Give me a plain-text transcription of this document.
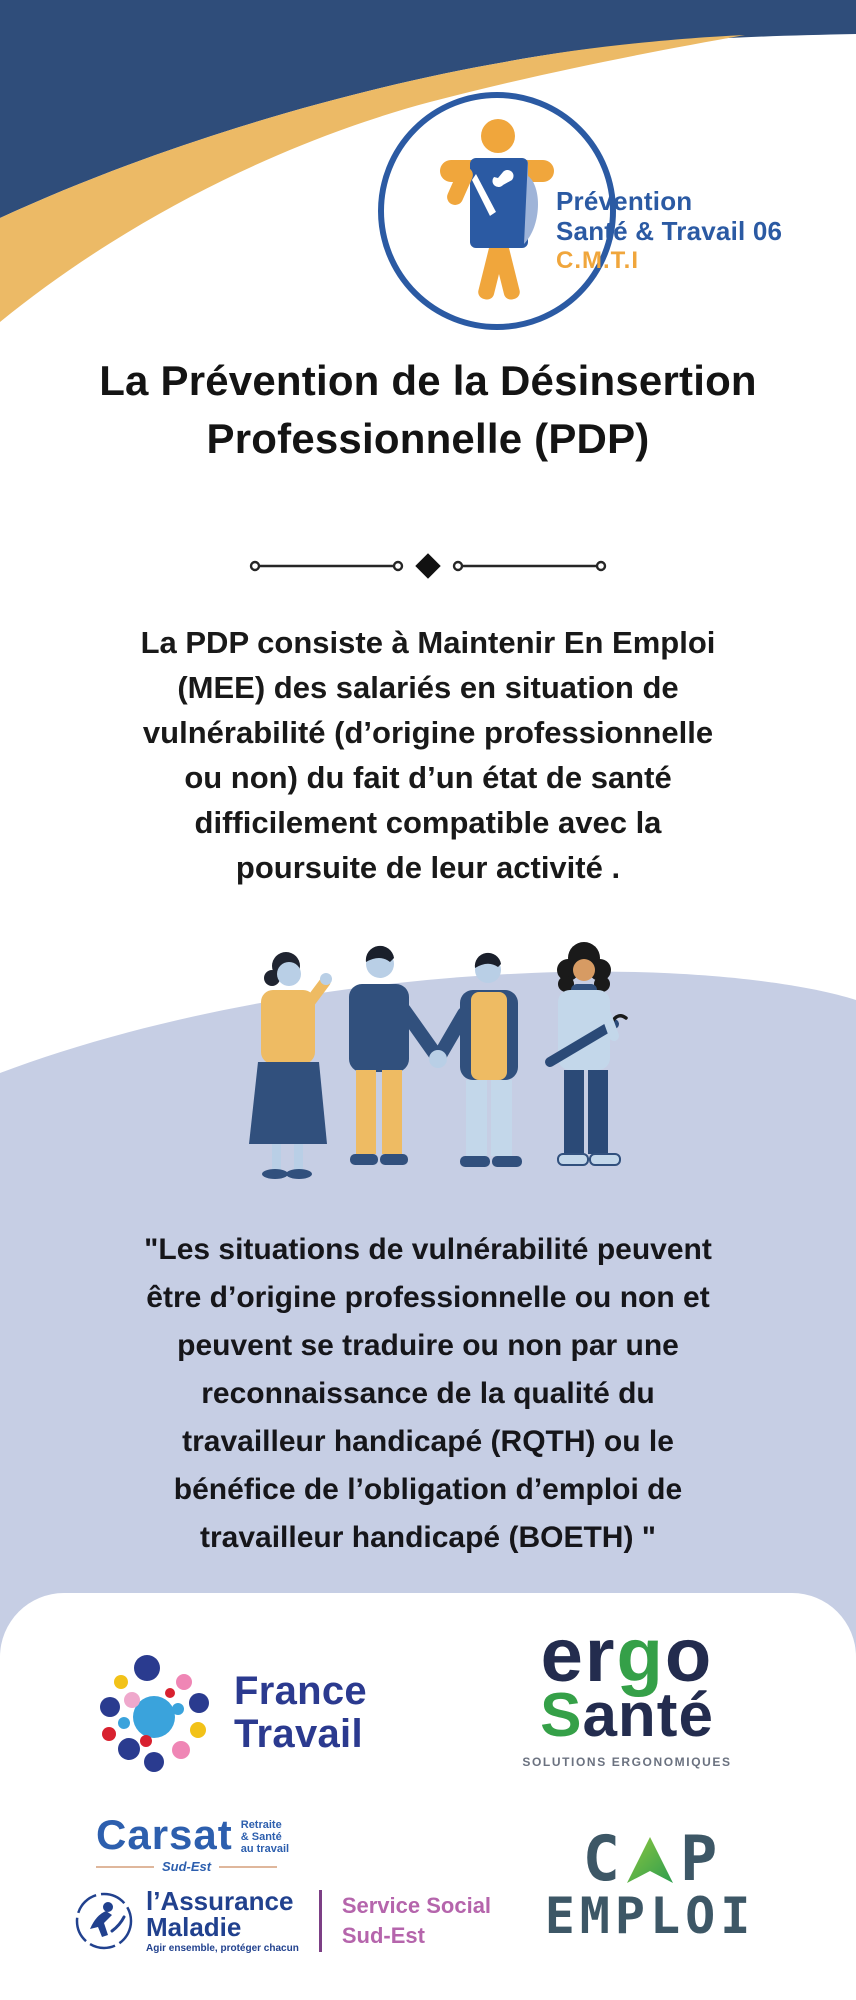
Prévention
Santé & Travail 06
C.M.T.I
La Prévention de la Désinsertion
Professionnelle (PDP)
La PDP consiste à Maintenir En Emploi
(MEE) des salariés en situation de
vulnérabilité (d’origine professionnelle
ou non) du fait d’un état de santé
difficilement compatible avec la
poursuite de leur activité .
"Les situations de vulnérabilité peuvent
être d’origine professionnelle ou non et
peuvent se traduire ou non par une
reconnaissance de la qualité du
travailleur handicapé (RQTH) ou le
bénéfice de l’obligation d’emploi de
travailleur handicapé (BOETH) "
France
Travail
ergo
Santé
SOLUTIONS ERGONOMIQUES
Carsat Retraite
& Santé
au travail
Sud-Est
l’Assurance
Maladie
Agir ensemble, protéger chacun
Service Social
Sud-Est
C P
EMPLOI
